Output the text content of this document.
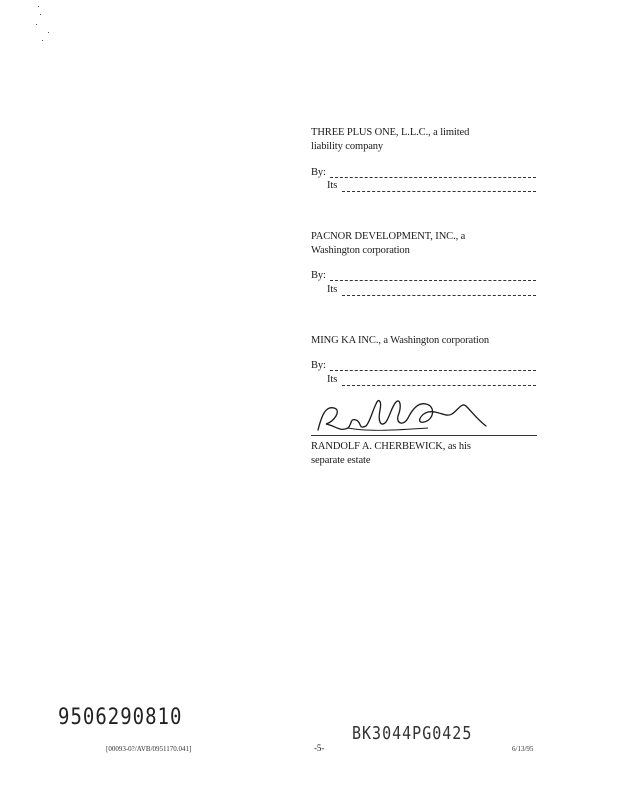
THREE PLUS ONE, L.L.C., a limited
liability company
By:
Its
PACNOR DEVELOPMENT, INC., a
Washington corporation
By:
Its
MING KA INC., a Washington corporation
By:
Its
RANDOLF A. CHERBEWICK, as his
separate estate
9506290810
BK3044PG0425
[00093-0?/AVB/0951170.041]	-5-	6/13/95
